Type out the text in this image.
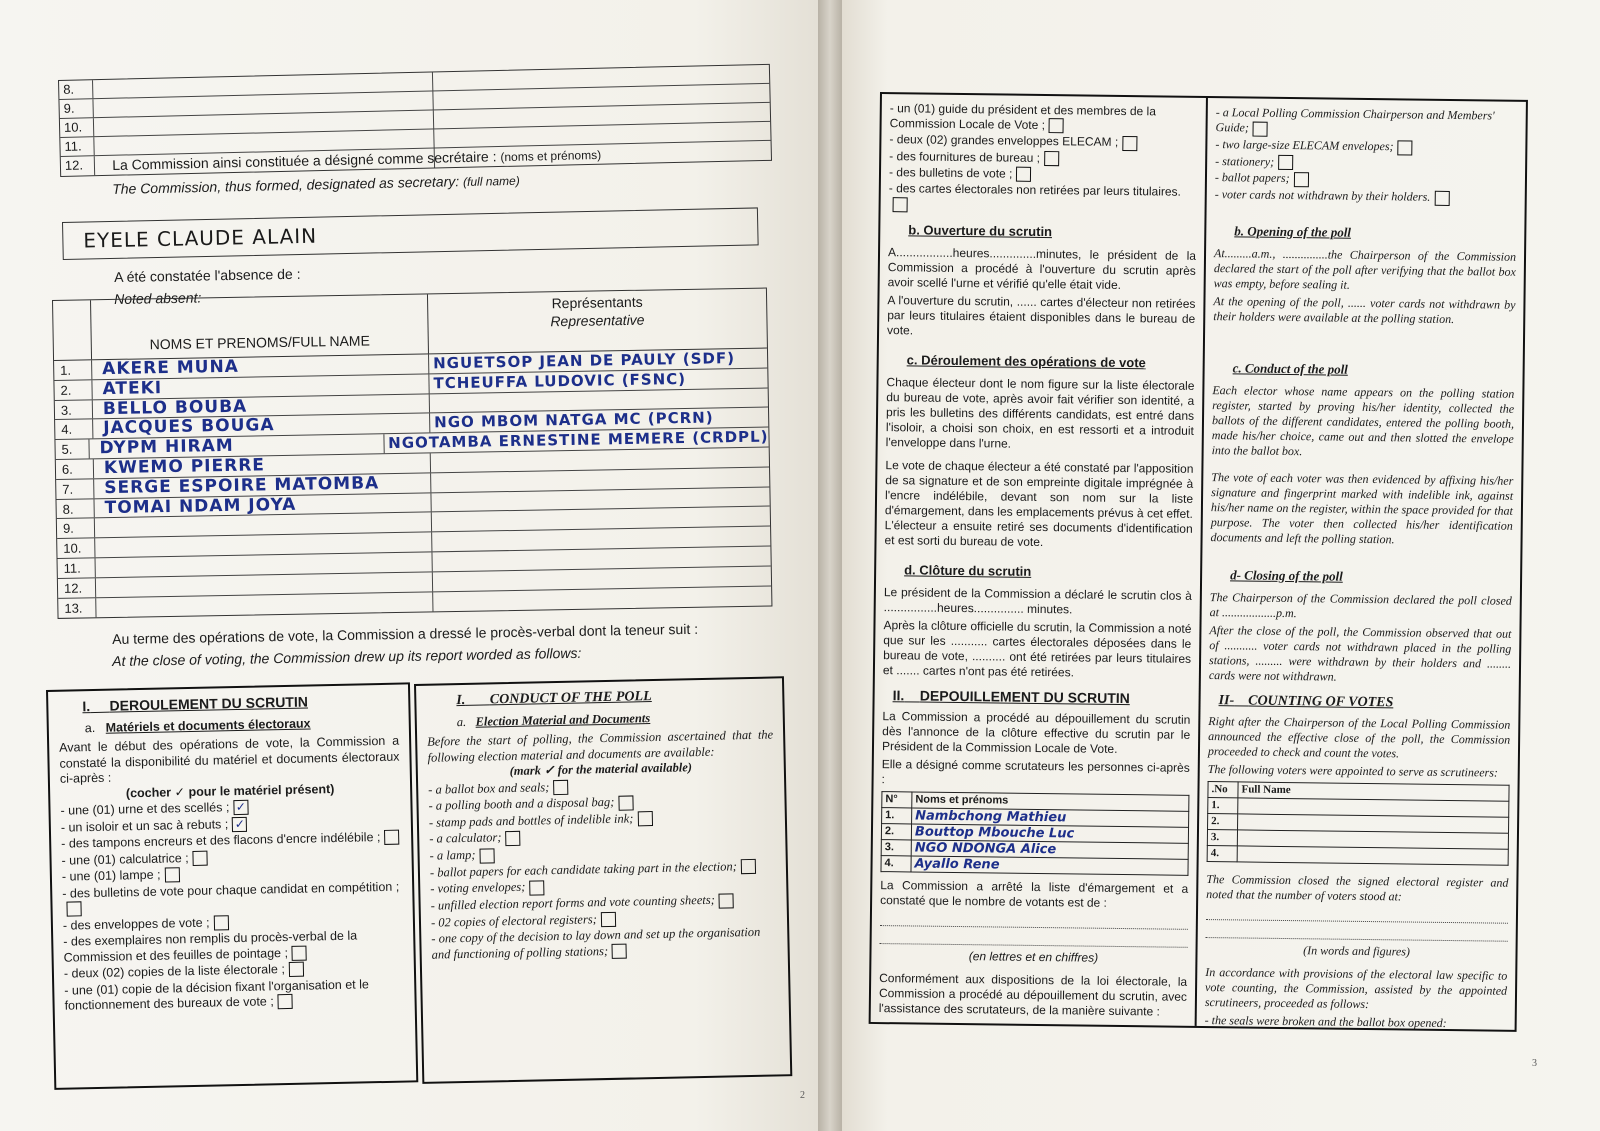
8.
9.
10.
11.
12.	La Commission ainsi constituée a désigné comme secrétaire : (noms et prénoms)
The Commission, thus formed, designated as secretary: (full name)
EYELE CLAUDE ALAIN
A été constatée l'absence de :
Noted absent:
NOMS ET PRENOMS/FULL NAME
Représentants
Representative
1.	AKERE MUNA	NGUETSOP JEAN DE PAULY (SDF)
2.	ATEKI	TCHEUFFA LUDOVIC (FSNC)
3.	BELLO BOUBA
4.	JACQUES BOUGA	NGO MBOM NATGA MC (PCRN)
5.	DYPM HIRAM	NGOTAMBA ERNESTINE MEMERE (CRDPL)
6.	KWEMO PIERRE
7.	SERGE ESPOIRE MATOMBA
8.	TOMAI NDAM JOYA
9.
10.
11.
12.
13.
Au terme des opérations de vote, la Commission a dressé le procès-verbal dont la teneur suit :
At the close of voting, the Commission drew up its report worded as follows:
I. DEROULEMENT DU SCRUTIN
a. Matériels et documents électoraux
Avant le début des opérations de vote, la Commission a constaté la disponibilité du matériel et documents électoraux ci-après :
(cocher ✓ pour le matériel présent)
- une (01) urne et des scellés ; ✓
- un isoloir et un sac à rebuts ; ✓
- des tampons encreurs et des flacons d'encre indélébile ;
- une (01) calculatrice ;
- une (01) lampe ;
- des bulletins de vote pour chaque candidat en compétition ;
- des enveloppes de vote ;
- des exemplaires non remplis du procès-verbal de la Commission et des feuilles de pointage ;
- deux (02) copies de la liste électorale ;
- une (01) copie de la décision fixant l'organisation et le fonctionnement des bureaux de vote ;
I. CONDUCT OF THE POLL
a. Election Material and Documents
Before the start of polling, the Commission ascertained that the following election material and documents are available:
(mark ✓ for the material available)
- a ballot box and seals;
- a polling booth and a disposal bag;
- stamp pads and bottles of indelible ink;
- a calculator;
- a lamp;
- ballot papers for each candidate taking part in the election;
- voting envelopes;
- unfilled election report forms and vote counting sheets;
- 02 copies of electoral registers;
- one copy of the decision to lay down and set up the organisation and functioning of polling stations;
2
- un (01) guide du président et des membres de la Commission Locale de Vote ;
- deux (02) grandes enveloppes ELECAM ;
- des fournitures de bureau ;
- des bulletins de vote ;
- des cartes électorales non retirées par leurs titulaires.
b. Ouverture du scrutin
A.................heures..............minutes, le président de la Commission a procédé à l'ouverture du scrutin après avoir scellé l'urne et vérifié qu'elle était vide.
A l'ouverture du scrutin, ...... cartes d'électeur non retirées par leurs titulaires étaient disponibles dans le bureau de vote.
c. Déroulement des opérations de vote
Chaque électeur dont le nom figure sur la liste électorale du bureau de vote, après avoir fait vérifier son identité, a pris les bulletins des différents candidats, est entré dans l'isoloir, a choisi son choix, en est ressorti et a introduit l'enveloppe dans l'urne.
Le vote de chaque électeur a été constaté par l'apposition de sa signature et de son empreinte digitale imprégnée à l'encre indélébile, devant son nom sur la liste d'émargement, dans les emplacements prévus à cet effet. L'électeur a ensuite retiré ses documents d'identification et est sorti du bureau de vote.
d. Clôture du scrutin
Le président de la Commission a déclaré le scrutin clos à ................heures............... minutes.
Après la clôture officielle du scrutin, la Commission a noté que sur les ........... cartes électorales déposées dans le bureau de vote, .......... ont été retirées par leurs titulaires et ....... cartes n'ont pas été retirées.
II. DEPOUILLEMENT DU SCRUTIN
La Commission a procédé au dépouillement du scrutin dès l'annonce de la clôture effective du scrutin par le Président de la Commission Locale de Vote.
Elle a désigné comme scrutateurs les personnes ci-après :
N°	Noms et prénoms
1.	Nambchong Mathieu
2.	Bouttop Mbouche Luc
3.	NGO NDONGA Alice
4.	Ayallo Rene
La Commission a arrêté la liste d'émargement et a constaté que le nombre de votants est de :
(en lettres et en chiffres)
Conformément aux dispositions de la loi électorale, la Commission a procédé au dépouillement du scrutin, avec l'assistance des scrutateurs, de la manière suivante :
- a Local Polling Commission Chairperson and Members' Guide;
- two large-size ELECAM envelopes;
- stationery;
- ballot papers;
- voter cards not withdrawn by their holders.
b. Opening of the poll
At.........a.m., ...............the Chairperson of the Commission declared the start of the poll after verifying that the ballot box was empty, before sealing it.
At the opening of the poll, ...... voter cards not withdrawn by their holders were available at the polling station.
c. Conduct of the poll
Each elector whose name appears on the polling station register, started by proving his/her identity, collected the ballots of the different candidates, entered the polling booth, made his/her choice, came out and then slotted the envelope into the ballot box.
The vote of each voter was then evidenced by affixing his/her signature and fingerprint marked with indelible ink, against his/her name on the register, within the space provided for that purpose. The voter then collected his/her identification documents and left the polling station.
d- Closing of the poll
The Chairperson of the Commission declared the poll closed at ..................p.m.
After the close of the poll, the Commission observed that out of ........... voter cards not withdrawn placed in the polling stations, ......... were withdrawn by their holders and ........ cards were not withdrawn.
II- COUNTING OF VOTES
Right after the Chairperson of the Local Polling Commission announced the effective close of the poll, the Commission proceeded to check and count the votes.
The following voters were appointed to serve as scrutineers:
.No	Full Name
1.	
2.	
3.	
4.	
The Commission closed the signed electoral register and noted that the number of voters stood at:
(In words and figures)
In accordance with provisions of the electoral law specific to vote counting, the Commission, assisted by the appointed scrutineers, proceeded as follows:
- the seals were broken and the ballot box opened:
3
